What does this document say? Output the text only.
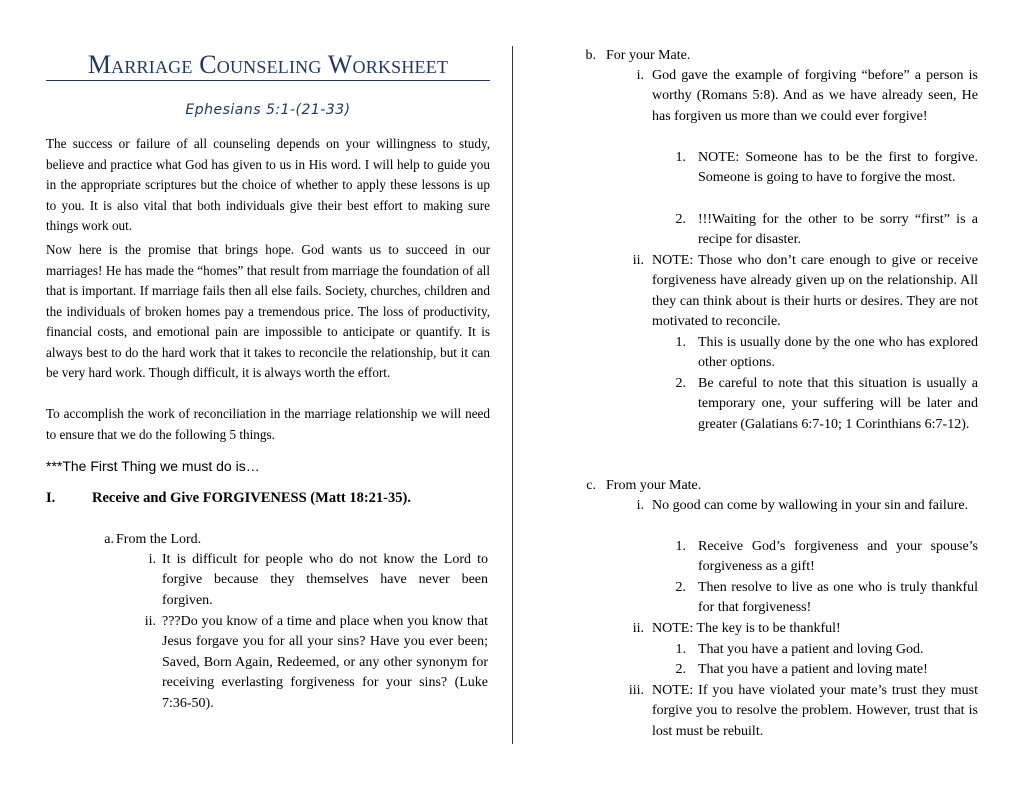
Marriage Counseling Worksheet
Ephesians 5:1-(21-33)
The success or failure of all counseling depends on your willingness to study, believe and practice what God has given to us in His word. I will help to guide you in the appropriate scriptures but the choice of whether to apply these lessons is up to you. It is also vital that both individuals give their best effort to making sure things work out.
Now here is the promise that brings hope. God wants us to succeed in our marriages! He has made the “homes” that result from marriage the foundation of all that is important. If marriage fails then all else fails. Society, churches, children and the individuals of broken homes pay a tremendous price. The loss of productivity, financial costs, and emotional pain are impossible to anticipate or quantify. It is always best to do the hard work that it takes to reconcile the relationship, but it can be very hard work. Though difficult, it is always worth the effort.
To accomplish the work of reconciliation in the marriage relationship we will need to ensure that we do the following 5 things.
***The First Thing we must do is…
I.	Receive and Give FORGIVENESS (Matt 18:21-35).
a. From the Lord.
i. It is difficult for people who do not know the Lord to forgive because they themselves have never been forgiven.
ii. ???Do you know of a time and place when you know that Jesus forgave you for all your sins? Have you ever been; Saved, Born Again, Redeemed, or any other synonym for receiving everlasting forgiveness for your sins? (Luke 7:36-50).
b. For your Mate.
i. God gave the example of forgiving “before” a person is worthy (Romans 5:8). And as we have already seen, He has forgiven us more than we could ever forgive!
1. NOTE: Someone has to be the first to forgive. Someone is going to have to forgive the most.
2. !!!Waiting for the other to be sorry “first” is a recipe for disaster.
ii. NOTE: Those who don’t care enough to give or receive forgiveness have already given up on the relationship. All they can think about is their hurts or desires. They are not motivated to reconcile.
1. This is usually done by the one who has explored other options.
2. Be careful to note that this situation is usually a temporary one, your suffering will be later and greater (Galatians 6:7-10; 1 Corinthians 6:7-12).
c. From your Mate.
i. No good can come by wallowing in your sin and failure.
1. Receive God’s forgiveness and your spouse’s forgiveness as a gift!
2. Then resolve to live as one who is truly thankful for that forgiveness!
ii. NOTE: The key is to be thankful!
1. That you have a patient and loving God.
2. That you have a patient and loving mate!
iii. NOTE: If you have violated your mate’s trust they must forgive you to resolve the problem. However, trust that is lost must be rebuilt.
